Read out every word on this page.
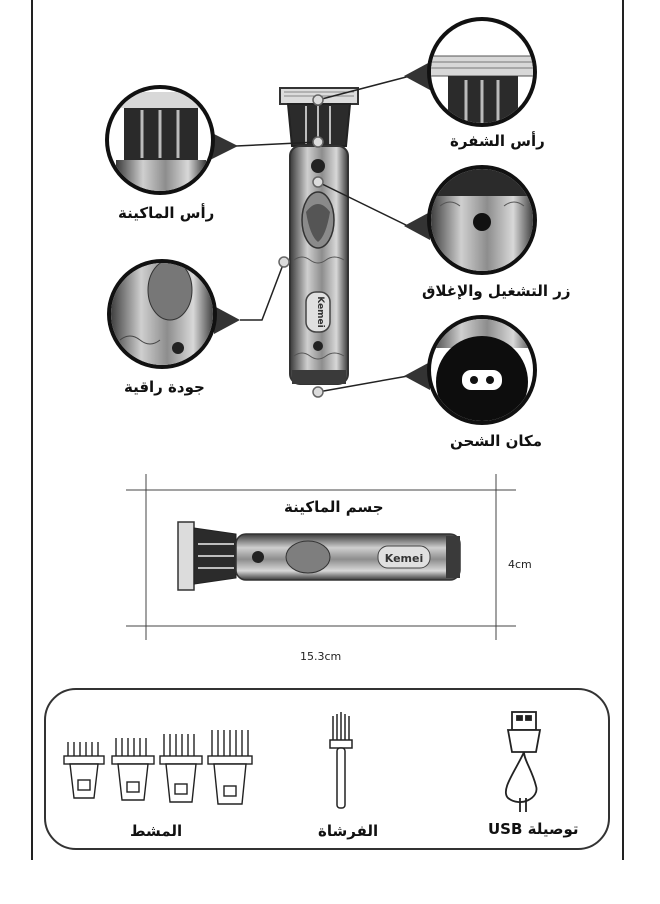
Kemei
Kemei
رأس الشفرة
رأس الماكينة
زر التشغيل والإغلاق
جودة راقية
مكان الشحن
جسم الماكينة
4cm
15.3cm
توصيلة USB
الفرشاة
المشط
